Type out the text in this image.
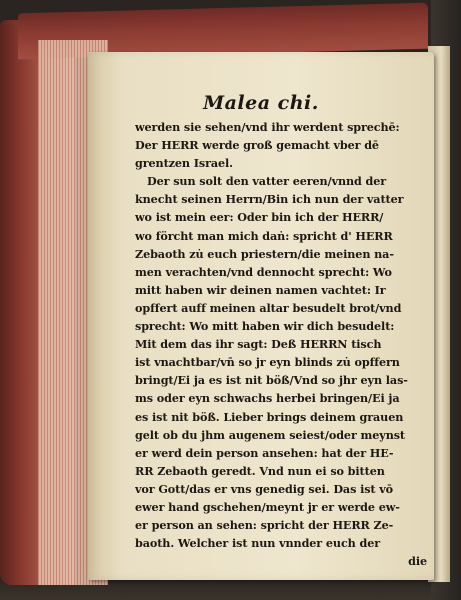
Malea chi.
werden sie sehen/vnd ihr werdent sprechē:
Der HERR werde groß gemacht vber dē
grentzen Israel.
Der sun solt den vatter eeren/vnnd der
knecht seinen Herrn/Bin ich nun der vatter
wo ist mein eer: Oder bin ich der HERR/
wo förcht man mich daṅ: spricht d' HERR
Zebaoth zu̇ euch priestern/die meinen na-
men verachten/vnd dennocht sprecht: Wo
mitt haben wir deinen namen vachtet: Ir
opffert auff meinen altar besudelt brot/vnd
sprecht: Wo mitt haben wir dich besudelt:
Mit dem das ihr sagt: Deß HERRN tisch
ist vnachtbar/vn̄ so jr eyn blinds zu̇ opffern
bringt/Ei ja es ist nit böß/Vnd so jhr eyn las-
ms oder eyn schwachs herbei bringen/Ei ja
es ist nit böß. Lieber brings deinem grauen
gelt ob du jhm augenem seiest/oder meynst
er werd dein person ansehen: hat der HE-
RR Zebaoth geredt. Vnd nun ei so bitten
vor Gott/das er vns genedig sei. Das ist vō
ewer hand gschehen/meynt jr er werde ew-
er person an sehen: spricht der HERR Ze-
baoth. Welcher ist nun vnnder euch der
die
